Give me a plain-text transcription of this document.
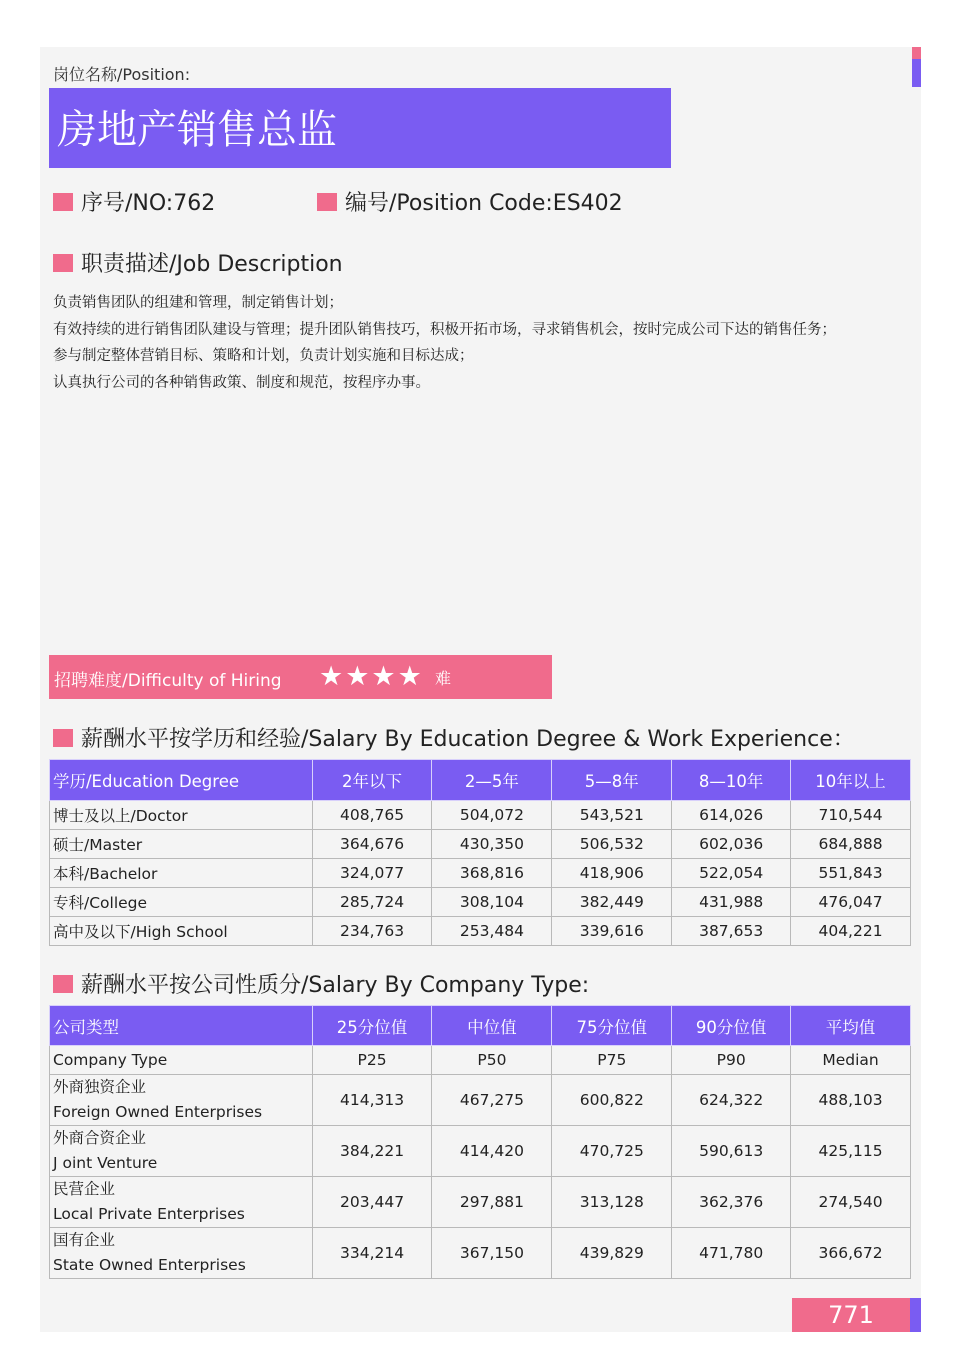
岗位名称/Position:
房地产销售总监
序号/NO:762	编号/Position Code:ES402
职责描述/Job Description
负责销售团队的组建和管理，制定销售计划；
有效持续的进行销售团队建设与管理；提升团队销售技巧，积极开拓市场，寻求销售机会，按时完成公司下达的销售任务；
参与制定整体营销目标、策略和计划，负责计划实施和目标达成；
认真执行公司的各种销售政策、制度和规范，按程序办事。
招聘难度/Difficulty of Hiring ★★★★ 难
薪酬水平按学历和经验/Salary By Education Degree & Work Experience：
学历/Education Degree	2年以下	2—5年	5—8年	8—10年	10年以上
博士及以上/Doctor	408,765	504,072	543,521	614,026	710,544
硕士/Master	364,676	430,350	506,532	602,036	684,888
本科/Bachelor	324,077	368,816	418,906	522,054	551,843
专科/College	285,724	308,104	382,449	431,988	476,047
高中及以下/High School	234,763	253,484	339,616	387,653	404,221
薪酬水平按公司性质分/Salary By Company Type:
公司类型	25分位值	中位值	75分位值	90分位值	平均值
Company Type	P25	P50	P75	P90	Median

外商独资企业
Foreign Owned Enterprises	414,313	467,275	600,822	624,322	488,103

外商合资企业
J oint Venture	384,221	414,420	470,725	590,613	425,115

民营企业
Local Private Enterprises	203,447	297,881	313,128	362,376	274,540

国有企业
State Owned Enterprises	334,214	367,150	439,829	471,780	366,672
771
